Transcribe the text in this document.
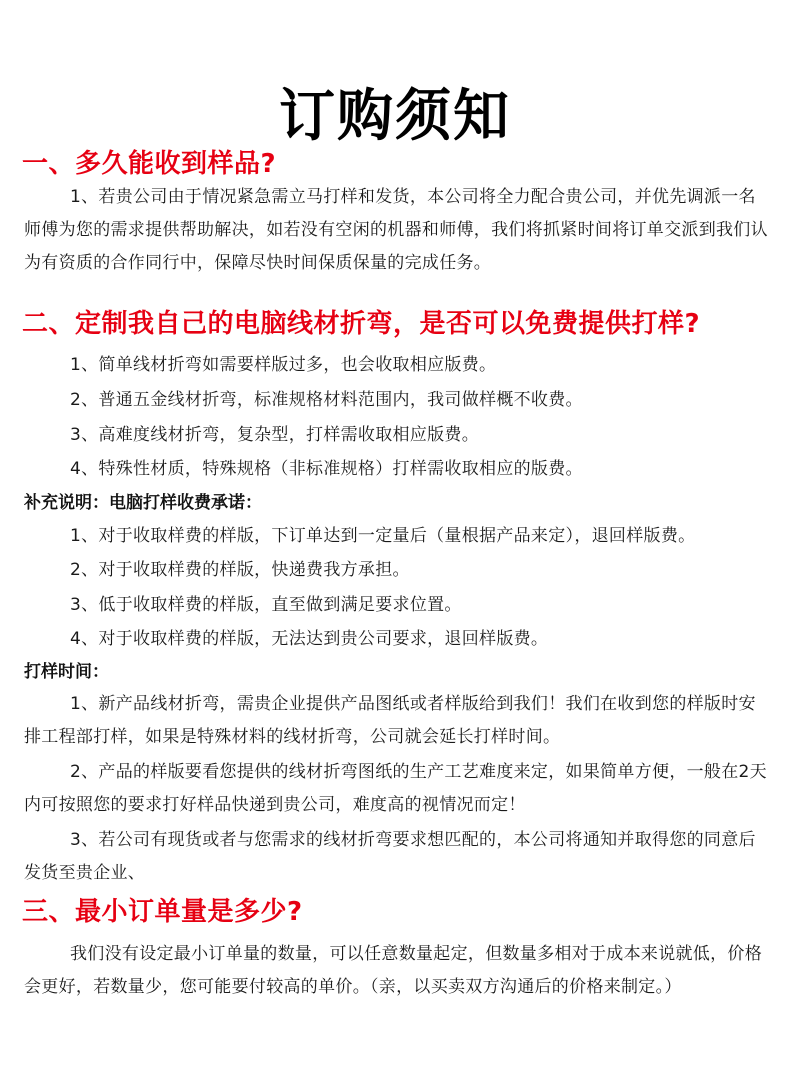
订购须知
一、多久能收到样品?

1、若贵公司由于情况紧急需立马打样和发货，本公司将全力配合贵公司，并优先调派一名师傅为您的需求提供帮助解决，如若没有空闲的机器和师傅，我们将抓紧时间将订单交派到我们认为有资质的合作同行中，保障尽快时间保质保量的完成任务。

二、定制我自己的电脑线材折弯，是否可以免费提供打样?
1、简单线材折弯如需要样版过多，也会收取相应版费。
2、普通五金线材折弯，标准规格材料范围内，我司做样概不收费。
3、高难度线材折弯，复杂型，打样需收取相应版费。
4、特殊性材质，特殊规格（非标准规格）打样需收取相应的版费。
补充说明：电脑打样收费承诺：
1、对于收取样费的样版，下订单达到一定量后（量根据产品来定），退回样版费。
2、对于收取样费的样版，快递费我方承担。
3、低于收取样费的样版，直至做到满足要求位置。
4、对于收取样费的样版，无法达到贵公司要求，退回样版费。
打样时间：

1、新产品线材折弯，需贵企业提供产品图纸或者样版给到我们！我们在收到您的样版时安排工程部打样，如果是特殊材料的线材折弯，公司就会延长打样时间。

2、产品的样版要看您提供的线材折弯图纸的生产工艺难度来定，如果简单方便，一般在2天内可按照您的要求打好样品快递到贵公司，难度高的视情况而定！

3、若公司有现货或者与您需求的线材折弯要求想匹配的，本公司将通知并取得您的同意后发货至贵企业、

三、最小订单量是多少?

我们没有设定最小订单量的数量，可以任意数量起定，但数量多相对于成本来说就低，价格会更好，若数量少，您可能要付较高的单价。（亲，以买卖双方沟通后的价格来制定。）
